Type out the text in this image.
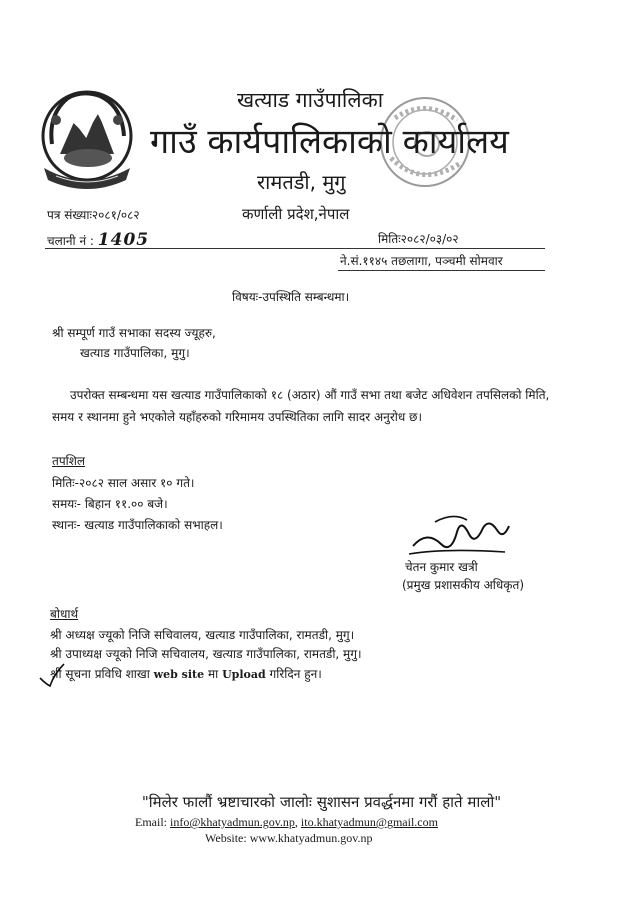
खत्याड गाउँपालिका
गाउँ कार्यपालिकाको कार्यालय
रामतडी, मुगु
कर्णाली प्रदेश,नेपाल
पत्र संख्याः२०८१/०८२
चलानी नं : 1405	मितिः२०८२/०३/०२
ने.सं.११४५ तछलागा, पञ्चमी सोमवार
विषयः-उपस्थिति सम्बन्धमा।
श्री सम्पूर्ण गाउँ सभाका सदस्य ज्यूहरु,
खत्याड गाउँपालिका, मुगु।
उपरोक्त सम्बन्धमा यस खत्याड गाउँपालिकाको १८ (अठार) औं गाउँ सभा तथा बजेट अधिवेशन तपसिलको मिति, समय र स्थानमा हुने भएकोले यहाँहरुको गरिमामय उपस्थितिका लागि सादर अनुरोध छ।
तपशिल
मितिः-२०८२ साल असार १० गते।
समयः- बिहान ११.०० बजे।
स्थानः- खत्याड गाउँपालिकाको सभाहल।
चेतन कुमार खत्री
(प्रमुख प्रशासकीय अधिकृत)
बोधार्थ
श्री अध्यक्ष ज्यूको निजि सचिवालय, खत्याड गाउँपालिका, रामतडी, मुगु।
श्री उपाध्यक्ष ज्यूको निजि सचिवालय, खत्याड गाउँपालिका, रामतडी, मुगु।
श्री सूचना प्रविधि शाखा web site मा Upload गरिदिन हुन।
"मिलेर फालौं भ्रष्टाचारको जालोः सुशासन प्रवर्द्धनमा गरौं हाते मालो"
Email: info@khatyadmun.gov.np, ito.khatyadmun@gmail.com
Website: www.khatyadmun.gov.np
